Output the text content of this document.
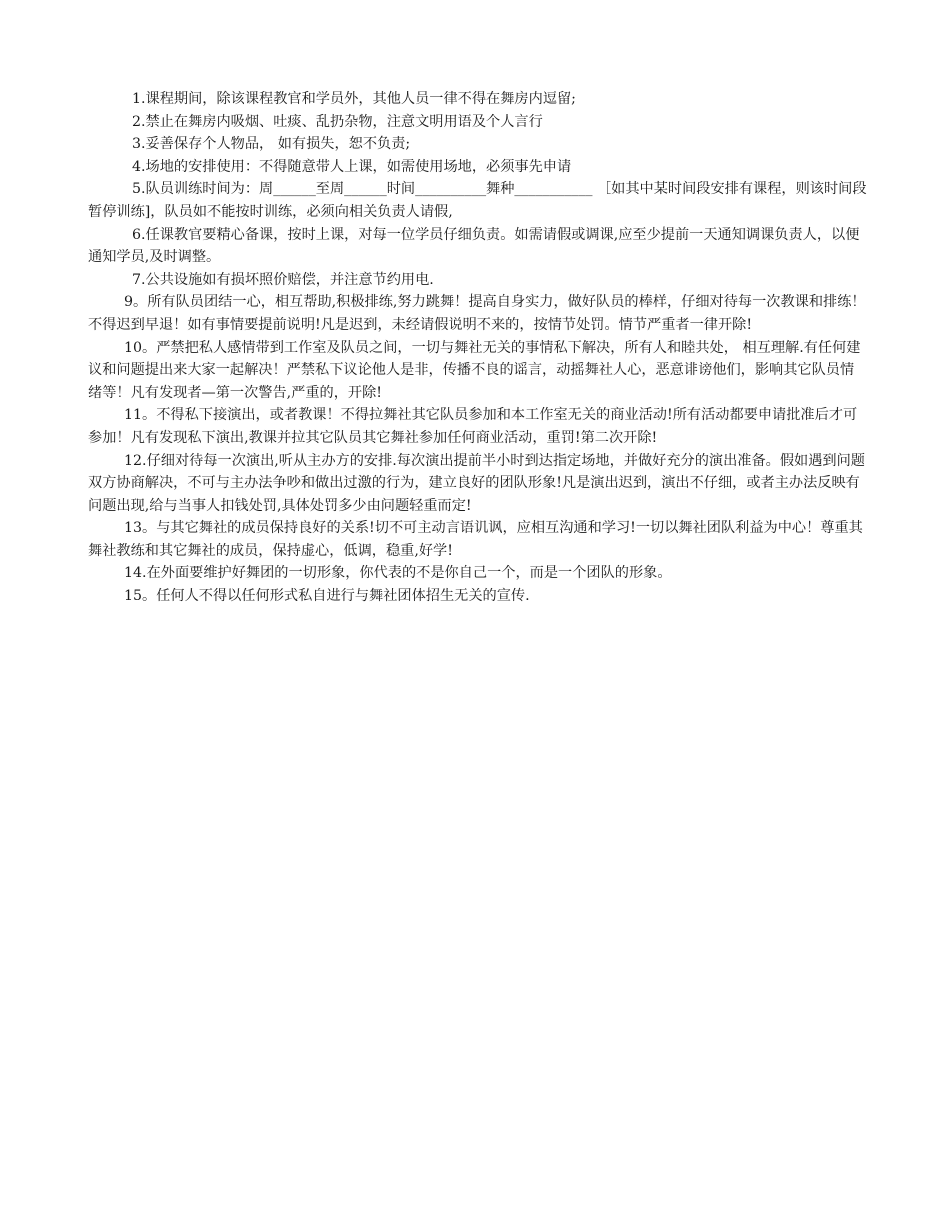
1.课程期间，除该课程教官和学员外，其他人员一律不得在舞房内逗留;

2.禁止在舞房内吸烟、吐痰、乱扔杂物，注意文明用语及个人言行

3.妥善保存个人物品， 如有损失，恕不负责;

4.场地的安排使用：不得随意带人上课，如需使用场地，必须事先申请

5.队员训练时间为：周______至周______时间__________舞种___________ ［如其中某时间段安排有课程，则该时间段暂停训练]，队员如不能按时训练，必须向相关负责人请假,

6.任课教官要精心备课，按时上课，对每一位学员仔细负责。如需请假或调课,应至少提前一天通知调课负责人，以便通知学员,及时调整。

7.公共设施如有损坏照价赔偿，并注意节约用电.

9。所有队员团结一心，相互帮助,积极排练,努力跳舞！提高自身实力，做好队员的棒样，仔细对待每一次教课和排练！不得迟到早退！如有事情要提前说明!凡是迟到，未经请假说明不来的，按情节处罚。情节严重者一律开除!

10。严禁把私人感情带到工作室及队员之间，一切与舞社无关的事情私下解决，所有人和睦共处， 相互理解.有任何建议和问题提出来大家一起解决！严禁私下议论他人是非，传播不良的谣言，动摇舞社人心，恶意诽谤他们，影响其它队员情绪等！凡有发现者—第一次警告,严重的，开除!

11。不得私下接演出，或者教课！不得拉舞社其它队员参加和本工作室无关的商业活动!所有活动都要申请批准后才可参加！凡有发现私下演出,教课并拉其它队员其它舞社参加任何商业活动，重罚!第二次开除!

12.仔细对待每一次演出,听从主办方的安排.每次演出提前半小时到达指定场地，并做好充分的演出准备。假如遇到问题双方协商解决，不可与主办法争吵和做出过激的行为，建立良好的团队形象!凡是演出迟到，演出不仔细，或者主办法反映有问题出现,给与当事人扣钱处罚,具体处罚多少由问题轻重而定!

13。与其它舞社的成员保持良好的关系!切不可主动言语讥讽，应相互沟通和学习!一切以舞社团队利益为中心！尊重其舞社教练和其它舞社的成员，保持虚心，低调，稳重,好学!

14.在外面要维护好舞团的一切形象，你代表的不是你自己一个，而是一个团队的形象。

15。任何人不得以任何形式私自进行与舞社团体招生无关的宣传.
